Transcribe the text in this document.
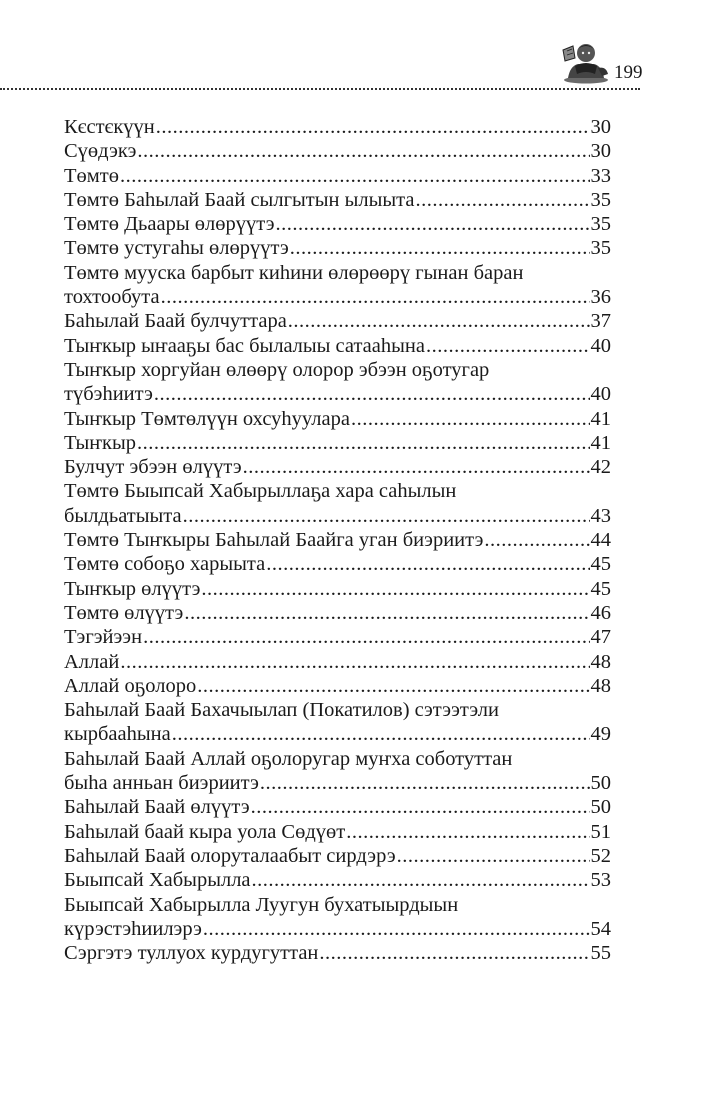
199
Кєстєкүүн .....	30
Сүөдэкэ .....	30
Төмтө .....	33
Төмтө Баһылай Баай сылгытын ылыыта .....	35
Төмтө Дьаары өлөрүүтэ .....	35
Төмтө устугаһы өлөрүүтэ .....	35
Төмтө муускa барбыт киһини өлөрөөрү гынан баран
тохтообута .....	36
Баһылай Баай булчуттара .....	37
Тыҥкыр ыҥааҕы бас былaлыы сатааһына .....	40
Тыҥкыр хоргуйан өлөөрү олорор эбээн оҕотугар
түбэһиитэ .....	40
Тыҥкыр Төмтөлүүн охсуһуулара .....	41
Тыҥкыр .....	41
Булчут эбээн өлүүтэ .....	42
Төмтө Быыпсай Хабырыллаҕа хара саһылын
былдьатыыта .....	43
Төмтө Тыҥкыры Баһылай Баайга уган биэриитэ .....	44
Төмтө собоҕо харыыта .....	45
Тыҥкыр өлүүтэ .....	45
Төмтө өлүүтэ .....	46
Тэгэйээн .....	47
Аллай .....	48
Аллай оҕолоро .....	48
Баһылай Баай Бахачыылап (Покатилов) сэтээтэли
кырбааһына .....	49
Баһылай Баай Аллай оҕолоругар муҥха соботуттан
быһа анньан биэриитэ .....	50
Баһылай Баай өлүүтэ .....	50
Баһылай баай кыра уола Сөдүөт .....	51
Баһылай Баай олоруталаабыт сирдэрэ .....	52
Быыпсай Хабырылла .....	53
Быыпсай Хабырылла Луугун бухатыырдыын
күрэстэһиилэрэ .....	54
Сэргэтэ туллуох курдугуттан .....	55
